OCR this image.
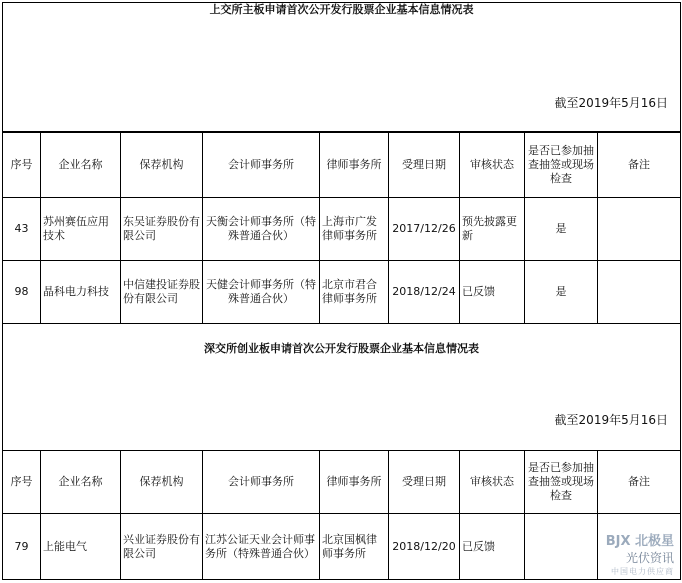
上交所主板申请首次公开发行股票企业基本信息情况表
截至2019年5月16日
序号	企业名称	保荐机构	会计师事务所	律师事务所	受理日期	审核状态	是否已参加抽查抽签或现场检查	备注
43	苏州赛伍应用技术	东吴证券股份有限公司	天衡会计师事务所（特殊普通合伙）	上海市广发律师事务所	2017/12/26	预先披露更新	是	
98	晶科电力科技	中信建投证券股份有限公司	天健会计师事务所（特殊普通合伙）	北京市君合律师事务所	2018/12/24	已反馈	是	
深交所创业板申请首次公开发行股票企业基本信息情况表
截至2019年5月16日
序号	企业名称	保荐机构	会计师事务所	律师事务所	受理日期	审核状态	是否已参加抽查抽签或现场检查	备注
79	上能电气	兴业证券股份有限公司	江苏公证天业会计师事务所（特殊普通合伙）	北京国枫律师事务所	2018/12/20	已反馈			BJX 北极星
光伏资讯
中国电力供应商
